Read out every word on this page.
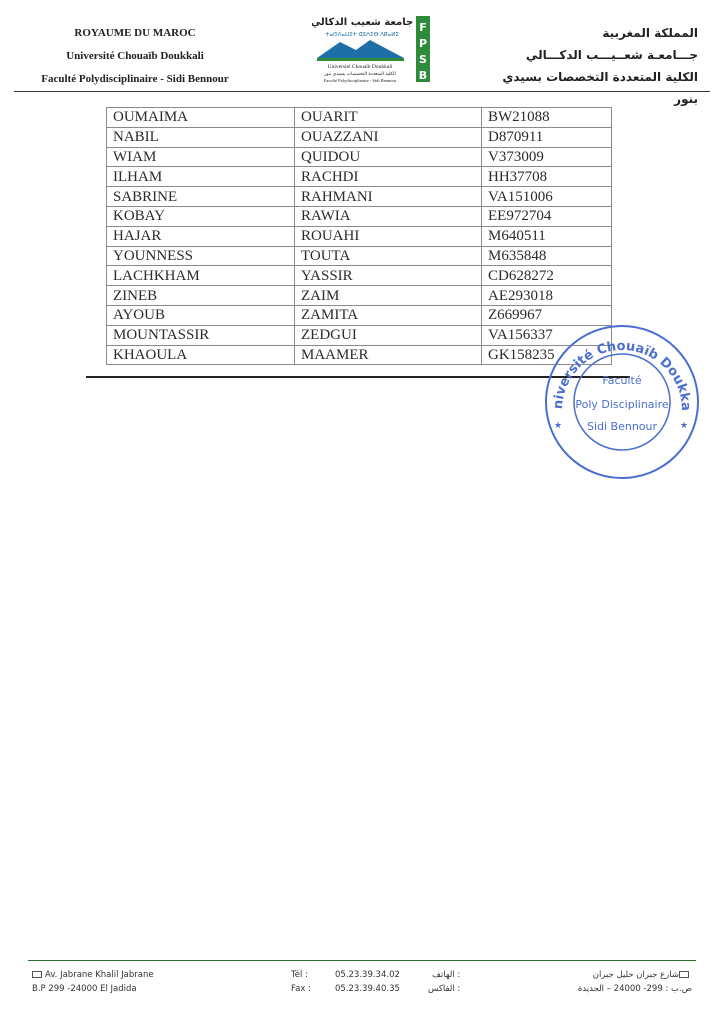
ROYAUME DU MAROC
Université Chouaïb Doukkali
Faculté Polydisciplinaire - Sidi Bennour
جامعة شعيب الدكالي
ⵜⴰⵙⴷⴰⵡⵉⵜ ⵛⵓⵄⵉⴱ ⴷⴽⴰⵍⵉ
Université Chouaïb Doukkali
الكلية المتعددة التخصصات بسيدي بنور
Faculté Polydisciplinaire - Sidi Bennour
F
P
S
B
المملكة المغربية
جـــامعـة شعــيـــب الدكـــالي
الكلية المتعددة التخصصات بسيدي بنور
OUMAIMA	OUARIT	BW21088
NABIL	OUAZZANI	D870911
WIAM	QUIDOU	V373009
ILHAM	RACHDI	HH37708
SABRINE	RAHMANI	VA151006
KOBAY	RAWIA	EE972704
HAJAR	ROUAHI	M640511
YOUNNESS	TOUTA	M635848
LACHKHAM	YASSIR	CD628272
ZINEB	ZAIM	AE293018
AYOUB	ZAMITA	Z669967
MOUNTASSIR	ZEDGUI	VA156337
KHAOULA	MAAMER	GK158235
niversité Chouaïb Doukka
Faculté
Poly Disciplinaire
Sidi Bennour
★	★
Av. Jabrane Khalil Jabrane
B.P 299 -24000 El Jadida
Tél :
Fax :
05.23.39.34.02
05.23.39.40.35
: الهاتف
: الفاكس
شارع جبران خليل جبران
ص.ب : 299- 24000 – الجديدة
